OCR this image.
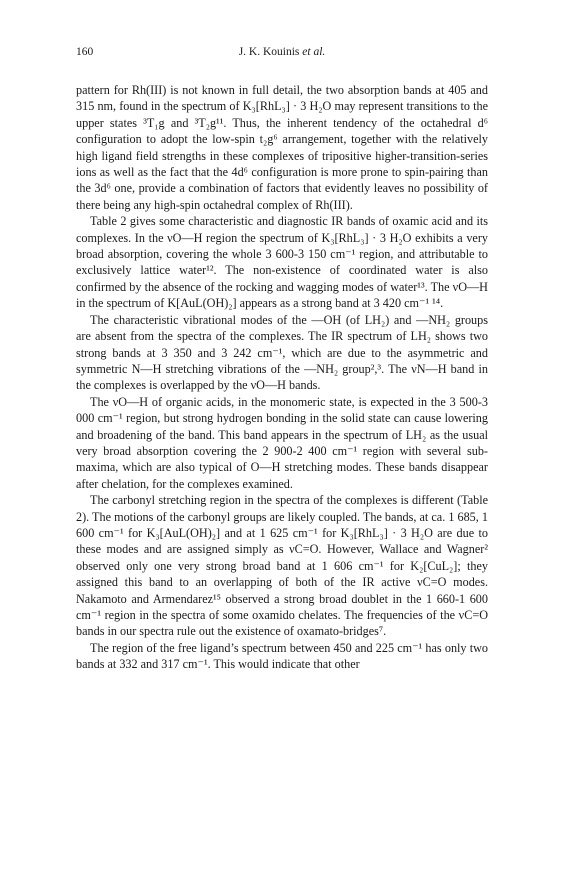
160	J. K. Kouinis et al.

pattern for Rh(III) is not known in full detail, the two absorption bands at 405 and 315 nm, found in the spectrum of K₃[RhL₃] · 3 H₂O may represent transitions to the upper states ³T₁g and ³T₂g¹¹. Thus, the inherent tendency of the octahedral d⁶ configuration to adopt the low-spin t₂g⁶ arrangement, together with the relatively high ligand field strengths in these complexes of tripositive higher-transition-series ions as well as the fact that the 4d⁶ configuration is more prone to spin-pairing than the 3d⁶ one, provide a combination of factors that evidently leaves no possibility of there being any high-spin octahedral complex of Rh(III).

Table 2 gives some characteristic and diagnostic IR bands of oxamic acid and its complexes. In the νO—H region the spectrum of K₃[RhL₃] · 3 H₂O exhibits a very broad absorption, covering the whole 3 600-3 150 cm⁻¹ region, and attributable to exclusively lattice water¹². The non-existence of coordinated water is also confirmed by the absence of the rocking and wagging modes of water¹³. The νO—H in the spectrum of K[AuL(OH)₂] appears as a strong band at 3 420 cm⁻¹ ¹⁴.

The characteristic vibrational modes of the —OH (of LH₂) and —NH₂ groups are absent from the spectra of the complexes. The IR spectrum of LH₂ shows two strong bands at 3 350 and 3 242 cm⁻¹, which are due to the asymmetric and symmetric N—H stretching vibrations of the —NH₂ group²,³. The νN—H band in the complexes is overlapped by the νO—H bands.

The νO—H of organic acids, in the monomeric state, is expected in the 3 500-3 000 cm⁻¹ region, but strong hydrogen bonding in the solid state can cause lowering and broadening of the band. This band appears in the spectrum of LH₂ as the usual very broad absorption covering the 2 900-2 400 cm⁻¹ region with several sub-maxima, which are also typical of O—H stretching modes. These bands disappear after chelation, for the complexes examined.

The carbonyl stretching region in the spectra of the complexes is different (Table 2). The motions of the carbonyl groups are likely coupled. The bands, at ca. 1 685, 1 600 cm⁻¹ for K₃[AuL(OH)₂] and at 1 625 cm⁻¹ for K₃[RhL₃] · 3 H₂O are due to these modes and are assigned simply as νC=O. However, Wallace and Wagner² observed only one very strong broad band at 1 606 cm⁻¹ for K₂[CuL₂]; they assigned this band to an overlapping of both of the IR active νC=O modes. Nakamoto and Armendarez¹⁵ observed a strong broad doublet in the 1 660-1 600 cm⁻¹ region in the spectra of some oxamido chelates. The frequencies of the νC=O bands in our spectra rule out the existence of oxamato-bridges⁷.

The region of the free ligand’s spectrum between 450 and 225 cm⁻¹ has only two bands at 332 and 317 cm⁻¹. This would indicate that other
